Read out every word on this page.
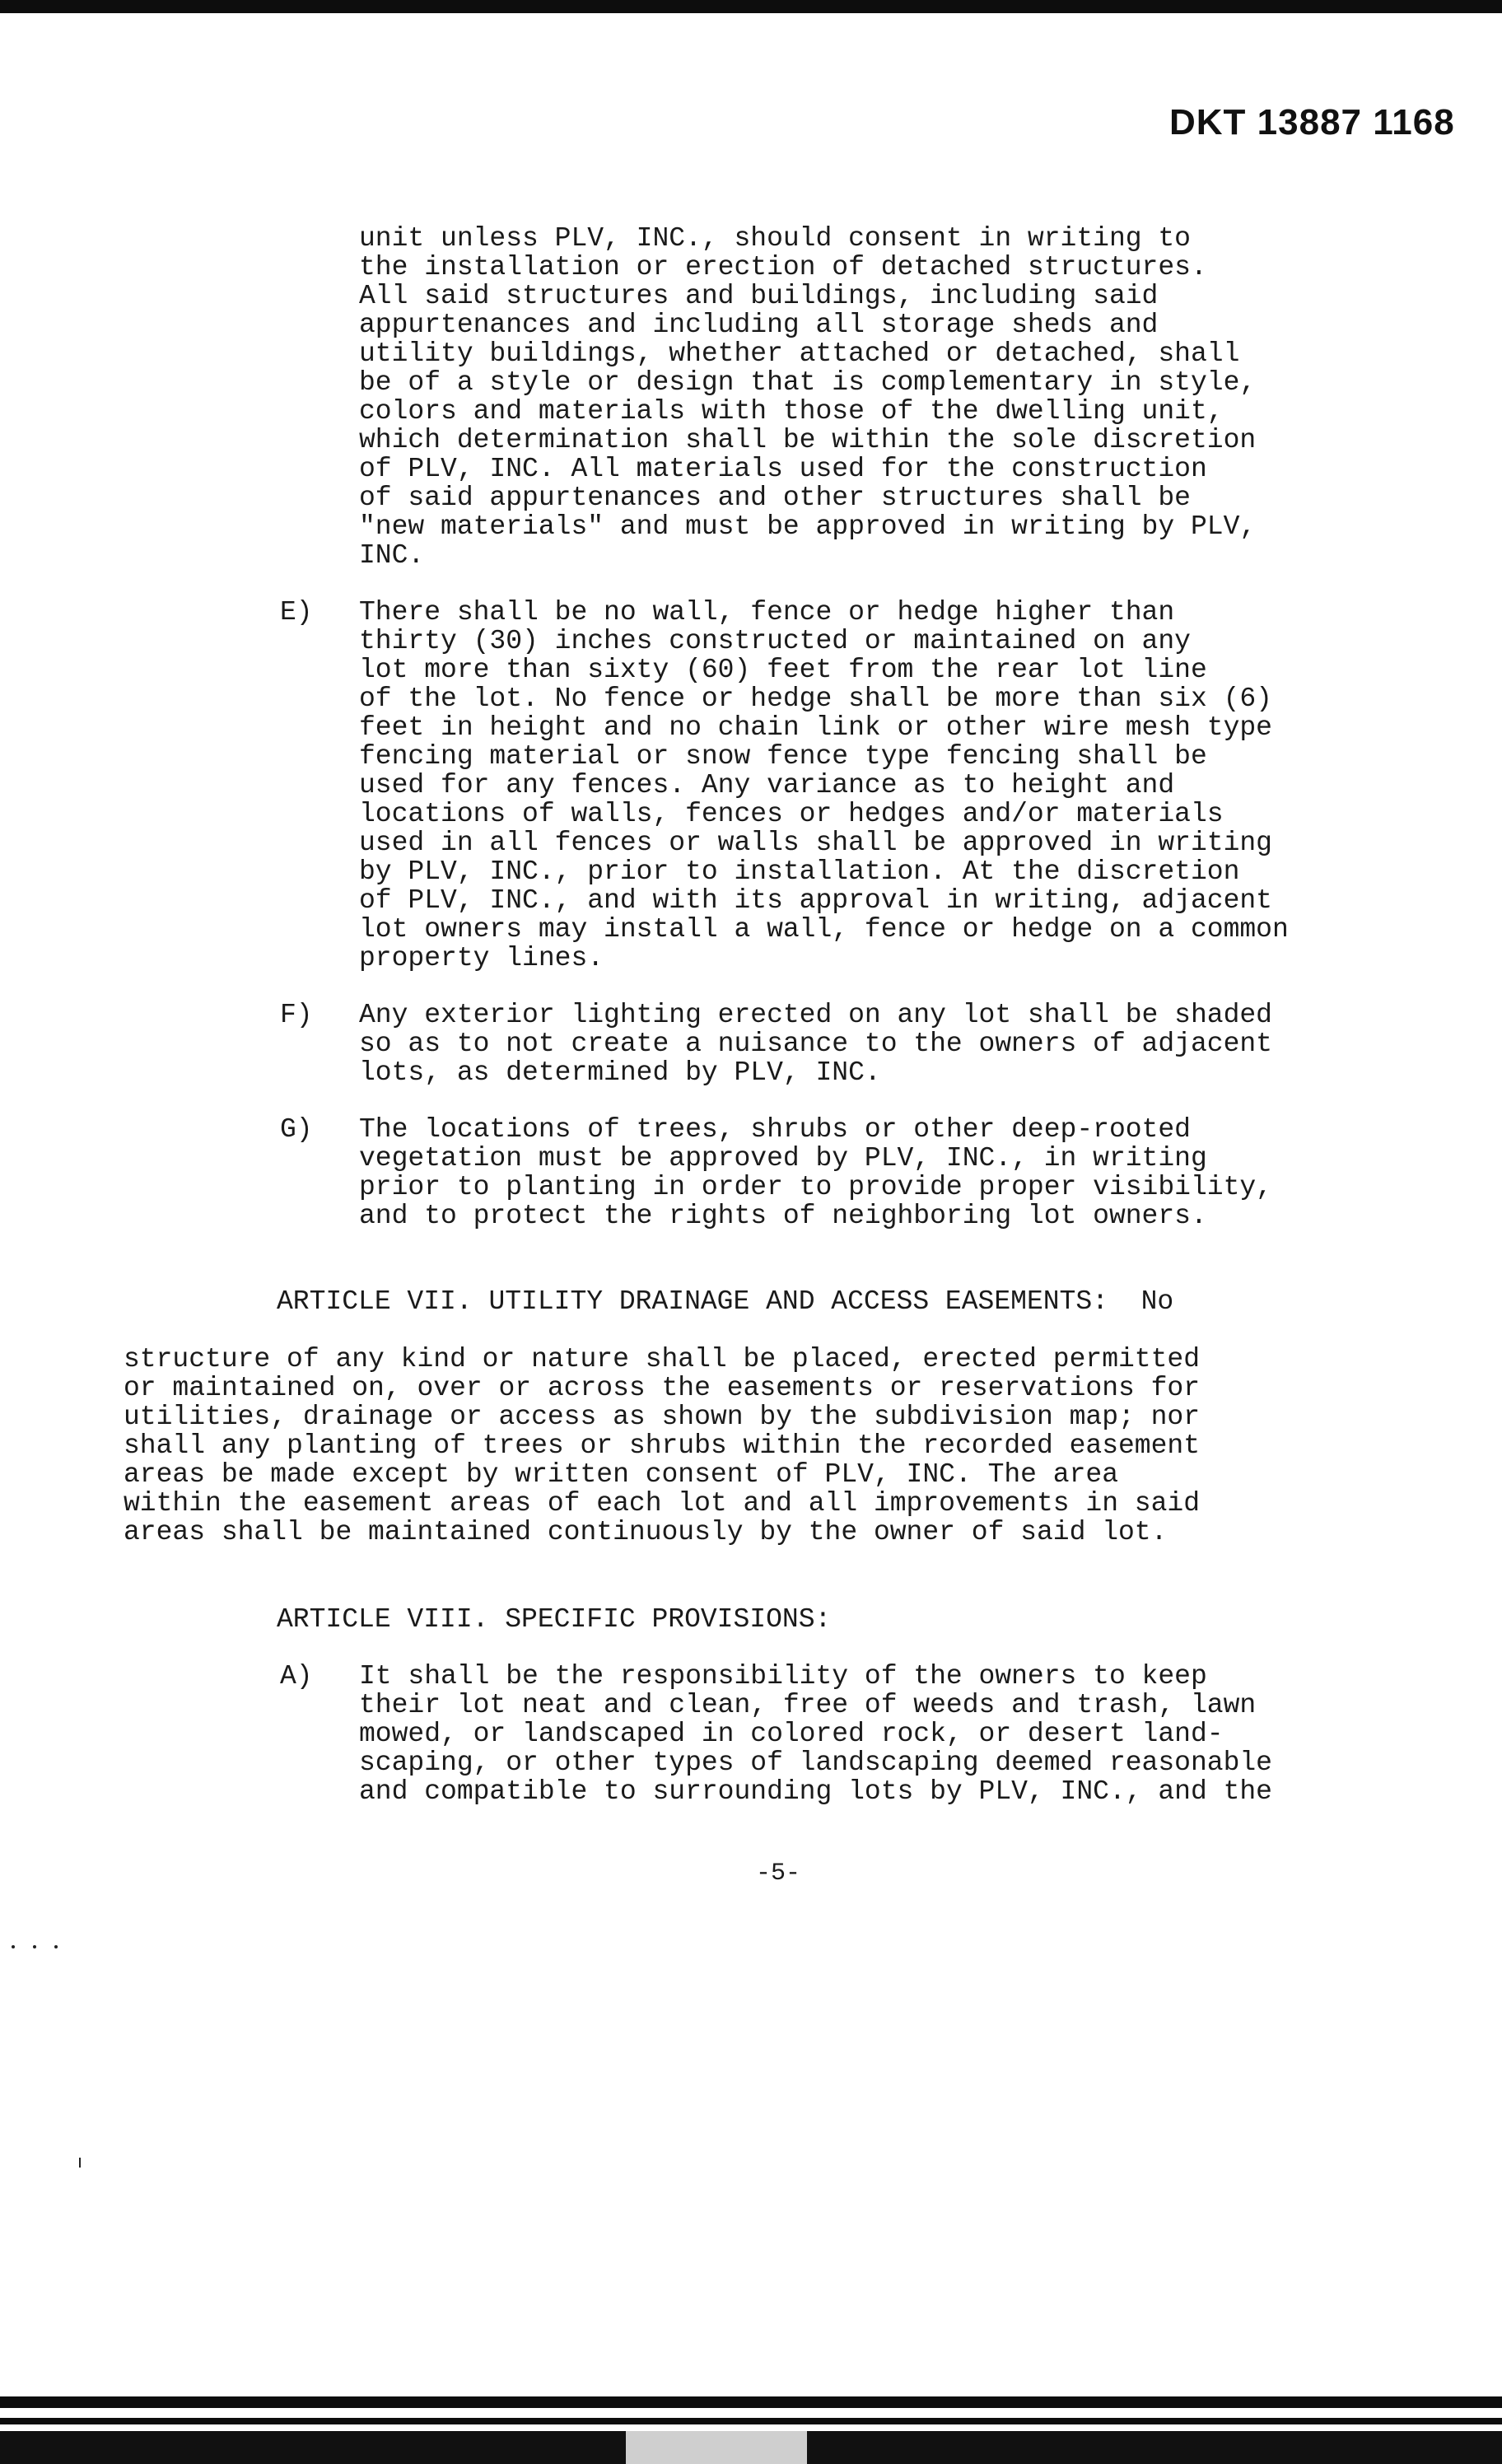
DKT 13887 1168
unit unless PLV, INC., should consent in writing to
the installation or erection of detached structures.
All said structures and buildings, including said
appurtenances and including all storage sheds and
utility buildings, whether attached or detached, shall
be of a style or design that is complementary in style,
colors and materials with those of the dwelling unit,
which determination shall be within the sole discretion
of PLV, INC. All materials used for the construction
of said appurtenances and other structures shall be
"new materials" and must be approved in writing by PLV,
INC.
E)	There shall be no wall, fence or hedge higher than
thirty (30) inches constructed or maintained on any
lot more than sixty (60) feet from the rear lot line
of the lot. No fence or hedge shall be more than six (6)
feet in height and no chain link or other wire mesh type
fencing material or snow fence type fencing shall be
used for any fences. Any variance as to height and
locations of walls, fences or hedges and/or materials
used in all fences or walls shall be approved in writing
by PLV, INC., prior to installation. At the discretion
of PLV, INC., and with its approval in writing, adjacent
lot owners may install a wall, fence or hedge on a common
property lines.
F)	Any exterior lighting erected on any lot shall be shaded
so as to not create a nuisance to the owners of adjacent
lots, as determined by PLV, INC.
G)	The locations of trees, shrubs or other deep-rooted
vegetation must be approved by PLV, INC., in writing
prior to planting in order to provide proper visibility,
and to protect the rights of neighboring lot owners.

ARTICLE VII. UTILITY DRAINAGE AND ACCESS EASEMENTS: No

structure of any kind or nature shall be placed, erected permitted
or maintained on, over or across the easements or reservations for
utilities, drainage or access as shown by the subdivision map; nor
shall any planting of trees or shrubs within the recorded easement
areas be made except by written consent of PLV, INC. The area
within the easement areas of each lot and all improvements in said
areas shall be maintained continuously by the owner of said lot.

ARTICLE VIII. SPECIFIC PROVISIONS:
A)	It shall be the responsibility of the owners to keep
their lot neat and clean, free of weeds and trash, lawn
mowed, or landscaped in colored rock, or desert land-
scaping, or other types of landscaping deemed reasonable
and compatible to surrounding lots by PLV, INC., and the
-5-
